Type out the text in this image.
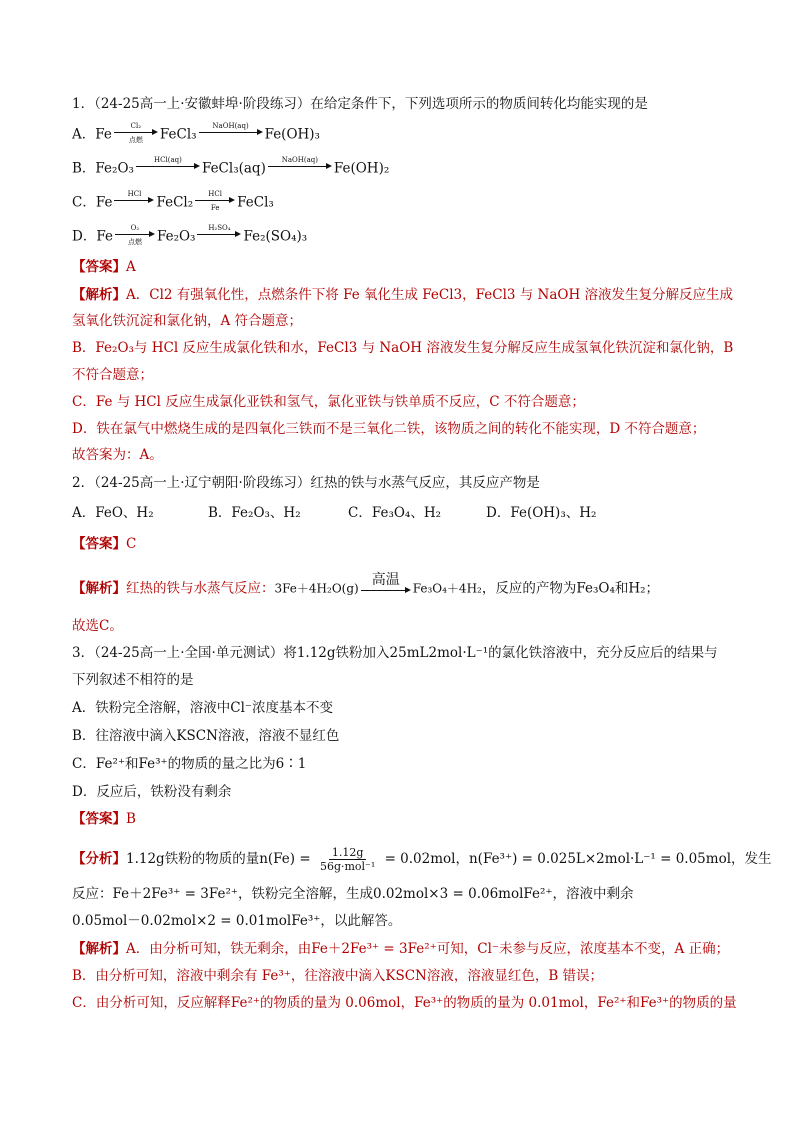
1．（24-25高一上·安徽蚌埠·阶段练习）在给定条件下，下列选项所示的物质间转化均能实现的是
A．Fe
Cl₂
点燃 FeCl₃
NaOH(aq)
Fe(OH)₃
B．Fe₂O₃
HCl(aq)
FeCl₃(aq)
NaOH(aq)
Fe(OH)₂
C．Fe
HCl
FeCl₂
HCl
Fe FeCl₃
D．Fe
O₂
点燃 Fe₂O₃
H₂SO₄
Fe₂(SO₄)₃
【答案】A
【解析】A．Cl2 有强氧化性，点燃条件下将 Fe 氧化生成 FeCl3，FeCl3 与 NaOH 溶液发生复分解反应生成
氢氧化铁沉淀和氯化钠，A 符合题意；
B．Fe₂O₃与 HCl 反应生成氯化铁和水，FeCl3 与 NaOH 溶液发生复分解反应生成氢氧化铁沉淀和氯化钠，B
不符合题意；
C．Fe 与 HCl 反应生成氯化亚铁和氢气，氯化亚铁与铁单质不反应，C 不符合题意；
D．铁在氯气中燃烧生成的是四氧化三铁而不是三氧化二铁，该物质之间的转化不能实现，D 不符合题意；
故答案为：A。
2．（24-25高一上·辽宁朝阳·阶段练习）红热的铁与水蒸气反应，其反应产物是
A．FeO、H₂	B．Fe₂O₃、H₂	C．Fe₃O₄、H₂	D．Fe(OH)₃、H₂
【答案】C
【解析】红热的铁与水蒸气反应：3Fe＋4H₂O(g)
高温
Fe₃O₄＋4H₂，反应的产物为Fe₃O₄和H₂；
故选C。
3．（24-25高一上·全国·单元测试）将1.12g铁粉加入25mL2mol·L⁻¹的氯化铁溶液中，充分反应后的结果与
下列叙述不相符的是
A．铁粉完全溶解，溶液中Cl⁻浓度基本不变
B．往溶液中滴入KSCN溶液，溶液不显红色
C．Fe²⁺和Fe³⁺的物质的量之比为6∶1
D．反应后，铁粉没有剩余
【答案】B
【分析】1.12g铁粉的物质的量n(Fe) = 1.12g
56g·mol⁻¹ = 0.02mol，n(Fe³⁺) = 0.025L×2mol·L⁻¹ = 0.05mol，发生
反应：Fe＋2Fe³⁺ = 3Fe²⁺，铁粉完全溶解，生成0.02mol×3 = 0.06molFe²⁺，溶液中剩余
0.05mol－0.02mol×2 = 0.01molFe³⁺，以此解答。
【解析】A．由分析可知，铁无剩余，由Fe＋2Fe³⁺ = 3Fe²⁺可知，Cl⁻未参与反应，浓度基本不变，A 正确；
B．由分析可知，溶液中剩余有 Fe³⁺，往溶液中滴入KSCN溶液，溶液显红色，B 错误；
C．由分析可知，反应解释Fe²⁺的物质的量为 0.06mol，Fe³⁺的物质的量为 0.01mol，Fe²⁺和Fe³⁺的物质的量
